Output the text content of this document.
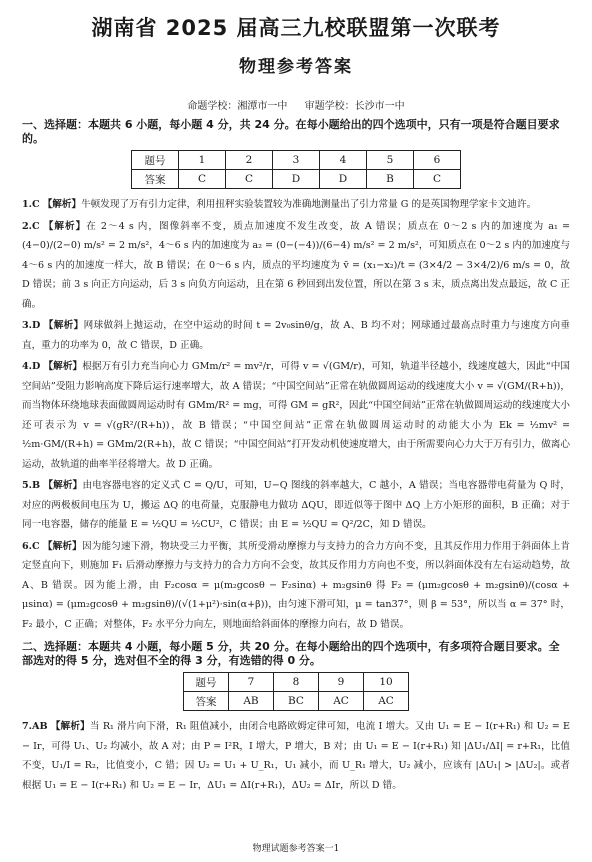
湖南省 2025 届高三九校联盟第一次联考
物理参考答案
命题学校：湘潭市一中 审题学校：长沙市一中
一、选择题：本题共 6 小题，每小题 4 分，共 24 分。在每小题给出的四个选项中，只有一项是符合题目要求的。
题号	1	2	3	4	5	6
答案	C	C	D	D	B	C
1.C 【解析】牛顿发现了万有引力定律，利用扭秤实验装置较为准确地测量出了引力常量 G 的是英国物理学家卡文迪许。
2.C 【解析】在 2～4 s 内，图像斜率不变，质点加速度不发生改变，故 A 错误；质点在 0～2 s 内的加速度为 a₁ = (4−0)/(2−0) m/s² = 2 m/s²，4～6 s 内的加速度为 a₂ = (0−(−4))/(6−4) m/s² = 2 m/s²，可知质点在 0～2 s 内的加速度与 4～6 s 内的加速度一样大，故 B 错误；在 0～6 s 内，质点的平均速度为 v̄ = (x₁−x₂)/t = (3×4/2 − 3×4/2)/6 m/s = 0，故 D 错误；前 3 s 向正方向运动，后 3 s 向负方向运动，且在第 6 秒回到出发位置，所以在第 3 s 末，质点离出发点最远，故 C 正确。
3.D 【解析】网球做斜上抛运动，在空中运动的时间 t = 2v₀sinθ/g，故 A、B 均不对；网球通过最高点时重力与速度方向垂直，重力的功率为 0，故 C 错误，D 正确。
4.D 【解析】根据万有引力充当向心力 GMm/r² = mv²/r，可得 v = √(GM/r)，可知，轨道半径越小，线速度越大，因此“中国空间站”受阻力影响高度下降后运行速率增大，故 A 错误；“中国空间站”正常在轨做圆周运动的线速度大小 v = √(GM/(R+h))，而当物体环绕地球表面做圆周运动时有 GMm/R² = mg，可得 GM = gR²，因此“中国空间站”正常在轨做圆周运动的线速度大小还可表示为 v = √(gR²/(R+h))，故 B 错误；“中国空间站”正常在轨做圆周运动时的动能大小为 Ek = ½mv² = ½m·GM/(R+h) = GMm/2(R+h)，故 C 错误；“中国空间站”打开发动机使速度增大，由于所需要向心力大于万有引力，做离心运动，故轨道的曲率半径将增大。故 D 正确。
5.B 【解析】由电容器电容的定义式 C = Q/U，可知，U−Q 图线的斜率越大，C 越小，A 错误；当电容器带电荷量为 Q 时，对应的两极板间电压为 U，搬运 ΔQ 的电荷量，克服静电力做功 ΔQU，即近似等于图中 ΔQ 上方小矩形的面积，B 正确；对于同一电容器，储存的能量 E = ½QU = ½CU²，C 错误；由 E = ½QU = Q²/2C，知 D 错误。
6.C 【解析】因为能匀速下滑，物块受三力平衡，其所受滑动摩擦力与支持力的合力方向不变，且其反作用力作用于斜面体上肯定竖直向下，则施加 F₁ 后滑动摩擦力与支持力的合力方向不会变，故其反作用力方向也不变，所以斜面体没有左右运动趋势，故 A、B 错误。因为能上滑，由 F₂cosα = μ(m₂gcosθ − F₂sinα) + m₂gsinθ 得 F₂ = (μm₂gcosθ + m₂gsinθ)/(cosα + μsinα) = (μm₂gcosθ + m₂gsinθ)/(√(1+μ²)·sin(α+β))，由匀速下滑可知，μ = tan37°，则 β = 53°，所以当 α = 37° 时，F₂ 最小，C 正确；对整体，F₂ 水平分力向左，则地面给斜面体的摩擦力向右，故 D 错误。
二、选择题：本题共 4 小题，每小题 5 分，共 20 分。在每小题给出的四个选项中，有多项符合题目要求。全部选对的得 5 分，选对但不全的得 3 分，有选错的得 0 分。
题号	7	8	9	10
答案	AB	BC	AC	AC
7.AB 【解析】当 R₁ 滑片向下滑，R₁ 阻值减小，由闭合电路欧姆定律可知，电流 I 增大。又由 U₁ = E − I(r+R₁) 和 U₂ = E − Ir，可得 U₁、U₂ 均减小，故 A 对；由 P = I²R，I 增大，P 增大，B 对；由 U₁ = E − I(r+R₁) 知 |ΔU₁/ΔI| = r+R₁，比值不变，U₁/I = R₂，比值变小，C 错；因 U₂ = U₁ + U_R₁，U₁ 减小，而 U_R₁ 增大，U₂ 减小，应该有 |ΔU₁| > |ΔU₂|。或者根据 U₁ = E − I(r+R₁) 和 U₂ = E − Ir，ΔU₁ = ΔI(r+R₁)，ΔU₂ = ΔIr，所以 D 错。
物理试题参考答案一1
